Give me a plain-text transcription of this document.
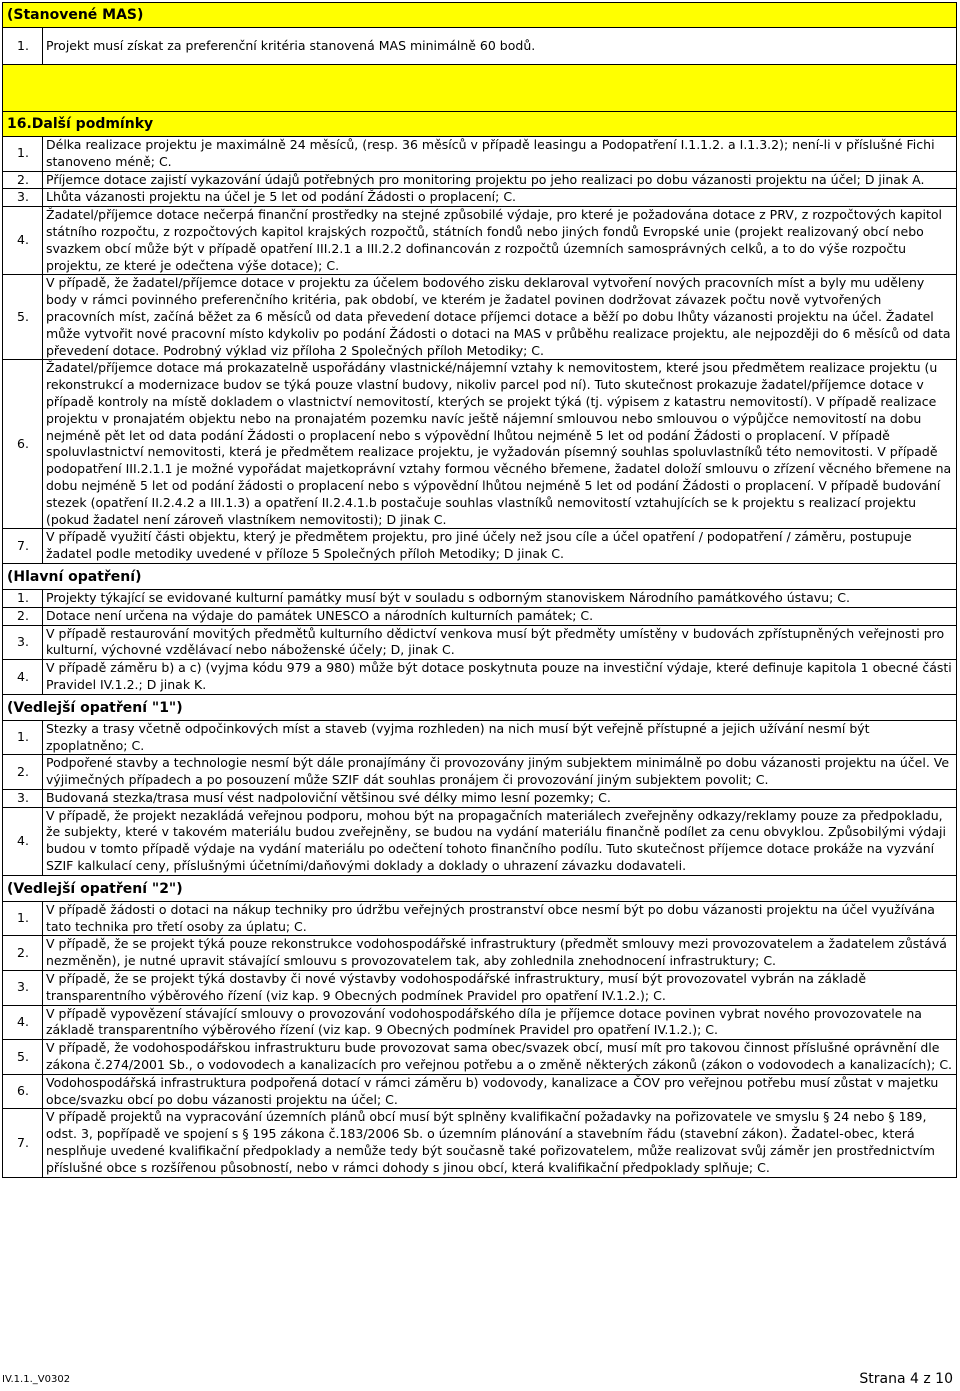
(Stanovené MAS)	
1.	Projekt musí získat za preferenční kritéria stanovená MAS minimálně 60 bodů.

16.Další podmínky	
1.	Délka realizace projektu je maximálně 24 měsíců, (resp. 36 měsíců v případě leasingu a Podopatření I.1.1.2. a I.1.3.2); není-li v příslušné Fichi stanoveno méně; C.
2.	Příjemce dotace zajistí vykazování údajů potřebných pro monitoring projektu po jeho realizaci po dobu vázanosti projektu na účel; D jinak A.
3.	Lhůta vázanosti projektu na účel je 5 let od podání Žádosti o proplacení; C.
4.	Žadatel/příjemce dotace nečerpá finanční prostředky na stejné způsobilé výdaje, pro které je požadována dotace z PRV, z rozpočtových kapitol státního rozpočtu, z rozpočtových kapitol krajských rozpočtů, státních fondů nebo jiných fondů Evropské unie (projekt realizovaný obcí nebo svazkem obcí může být v případě opatření III.2.1 a III.2.2 dofinancován z rozpočtů územních samosprávných celků, a to do výše rozpočtu projektu, ze které je odečtena výše dotace); C.
5.	V případě, že žadatel/příjemce dotace v projektu za účelem bodového zisku deklaroval vytvoření nových pracovních míst a byly mu uděleny body v rámci povinného preferenčního kritéria, pak období, ve kterém je žadatel povinen dodržovat závazek počtu nově vytvořených pracovních míst, začíná běžet za 6 měsíců od data převedení dotace příjemci dotace a běží po dobu lhůty vázanosti projektu na účel. Žadatel může vytvořit nové pracovní místo kdykoliv po podání Žádosti o dotaci na MAS v průběhu realizace projektu, ale nejpozději do 6 měsíců od data převedení dotace. Podrobný výklad viz příloha 2 Společných příloh Metodiky; C.
6.	Žadatel/příjemce dotace má prokazatelně uspořádány vlastnické/nájemní vztahy k nemovitostem, které jsou předmětem realizace projektu (u rekonstrukcí a modernizace budov se týká pouze vlastní budovy, nikoliv parcel pod ní). Tuto skutečnost prokazuje žadatel/příjemce dotace v případě kontroly na místě dokladem o vlastnictví nemovitostí, kterých se projekt týká (tj. výpisem z katastru nemovitostí). V případě realizace projektu v pronajatém objektu nebo na pronajatém pozemku navíc ještě nájemní smlouvou nebo smlouvou o výpůjčce nemovitostí na dobu nejméně pět let od data podání Žádosti o proplacení nebo s výpovědní lhůtou nejméně 5 let od podání Žádosti o proplacení. V případě spoluvlastnictví nemovitosti, která je předmětem realizace projektu, je vyžadován písemný souhlas spoluvlastníků této nemovitosti. V případě podopatření III.2.1.1 je možné vypořádat majetkoprávní vztahy formou věcného břemene, žadatel doloží smlouvu o zřízení věcného břemene na dobu nejméně 5 let od podání žádosti o proplacení nebo s výpovědní lhůtou nejméně 5 let od podání Žádosti o proplacení. V případě budování stezek (opatření II.2.4.2 a III.1.3) a opatření II.2.4.1.b postačuje souhlas vlastníků nemovitostí vztahujících se k projektu s realizací projektu (pokud žadatel není zároveň vlastníkem nemovitosti); D jinak C.
7.	V případě využití části objektu, který je předmětem projektu, pro jiné účely než jsou cíle a účel opatření / podopatření / záměru, postupuje žadatel podle metodiky uvedené v příloze 5 Společných příloh Metodiky; D jinak C.
(Hlavní opatření)	
1.	Projekty týkající se evidované kulturní památky musí být v souladu s odborným stanoviskem Národního památkového ústavu; C.
2.	Dotace není určena na výdaje do památek UNESCO a národních kulturních památek; C.
3.	V případě restaurování movitých předmětů kulturního dědictví venkova musí být předměty umístěny v budovách zpřístupněných veřejnosti pro kulturní, výchovné vzdělávací nebo náboženské účely; D, jinak C.
4.	V případě záměru b) a c) (vyjma kódu 979 a 980) může být dotace poskytnuta pouze na investiční výdaje, které definuje kapitola 1 obecné části Pravidel IV.1.2.; D jinak K.
(Vedlejší opatření "1")	
1.	Stezky a trasy včetně odpočinkových míst a staveb (vyjma rozhleden) na nich musí být veřejně přístupné a jejich užívání nesmí být zpoplatněno; C.
2.	Podpořené stavby a technologie nesmí být dále pronajímány či provozovány jiným subjektem minimálně po dobu vázanosti projektu na účel. Ve výjimečných případech a po posouzení může SZIF dát souhlas pronájem či provozování jiným subjektem povolit; C.
3.	Budovaná stezka/trasa musí vést nadpoloviční většinou své délky mimo lesní pozemky; C.
4.	V případě, že projekt nezakládá veřejnou podporu, mohou být na propagačních materiálech zveřejněny odkazy/reklamy pouze za předpokladu, že subjekty, které v takovém materiálu budou zveřejněny, se budou na vydání materiálu finančně podílet za cenu obvyklou. Způsobilými výdaji budou v tomto případě výdaje na vydání materiálu po odečtení tohoto finančního podílu. Tuto skutečnost příjemce dotace prokáže na vyzvání SZIF kalkulací ceny, příslušnými účetními/daňovými doklady a doklady o uhrazení závazku dodavateli.
(Vedlejší opatření "2")	
1.	V případě žádosti o dotaci na nákup techniky pro údržbu veřejných prostranství obce nesmí být po dobu vázanosti projektu na účel využívána tato technika pro třetí osoby za úplatu; C.
2.	V případě, že se projekt týká pouze rekonstrukce vodohospodářské infrastruktury (předmět smlouvy mezi provozovatelem a žadatelem zůstává nezměněn), je nutné upravit stávající smlouvu s provozovatelem tak, aby zohlednila znehodnocení infrastruktury; C.
3.	V případě, že se projekt týká dostavby či nové výstavby vodohospodářské infrastruktury, musí být provozovatel vybrán na základě transparentního výběrového řízení (viz kap. 9 Obecných podmínek Pravidel pro opatření IV.1.2.); C.
4.	V případě vypovězení stávající smlouvy o provozování vodohospodářského díla je příjemce dotace povinen vybrat nového provozovatele na základě transparentního výběrového řízení (viz kap. 9 Obecných podmínek Pravidel pro opatření IV.1.2.); C.
5.	V případě, že vodohospodářskou infrastrukturu bude provozovat sama obec/svazek obcí, musí mít pro takovou činnost příslušné oprávnění dle zákona č.274/2001 Sb., o vodovodech a kanalizacích pro veřejnou potřebu a o změně některých zákonů (zákon o vodovodech a kanalizacích); C.
6.	Vodohospodářská infrastruktura podpořená dotací v rámci záměru b) vodovody, kanalizace a ČOV pro veřejnou potřebu musí zůstat v majetku obce/svazku obcí po dobu vázanosti projektu na účel; C.
7.	V případě projektů na vypracování územních plánů obcí musí být splněny kvalifikační požadavky na pořizovatele ve smyslu § 24 nebo § 189, odst. 3, popřípadě ve spojení s § 195 zákona č.183/2006 Sb. o územním plánování a stavebním řádu (stavební zákon). Žadatel-obec, která nesplňuje uvedené kvalifikační předpoklady a nemůže tedy být současně také pořizovatelem, může realizovat svůj záměr jen prostřednictvím příslušné obce s rozšířenou působností, nebo v rámci dohody s jinou obcí, která kvalifikační předpoklady splňuje; C.
IV.1.1._V0302	Strana 4 z 10
